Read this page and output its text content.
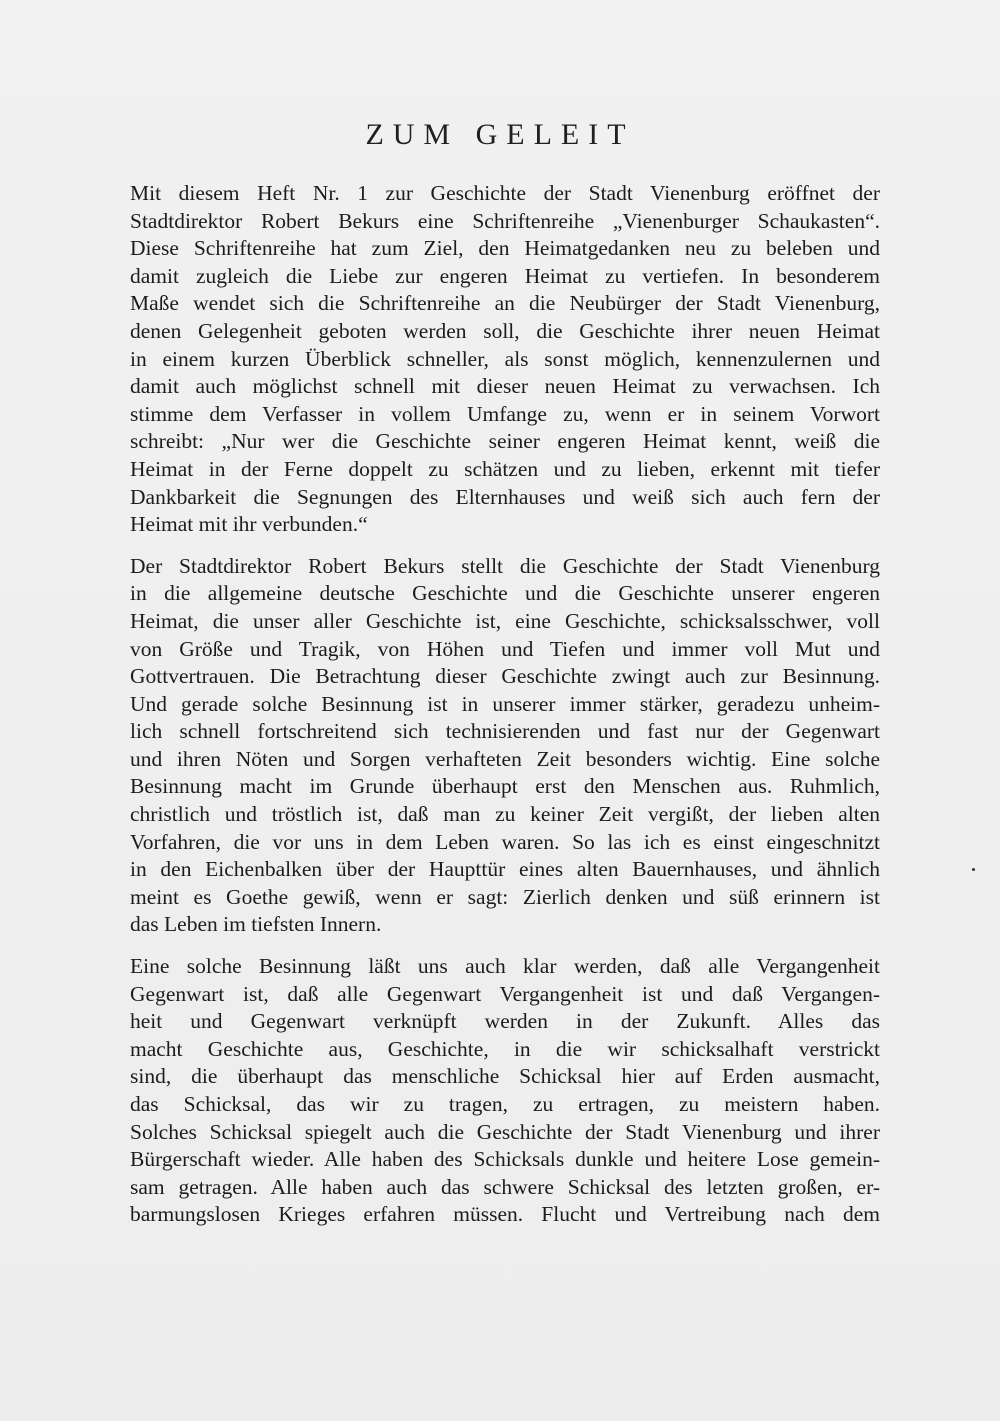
ZUM GELEIT

Mit diesem Heft Nr. 1 zur Geschichte der Stadt Vienenburg eröffnet der
Stadtdirektor Robert Bekurs eine Schriftenreihe „Vienenburger Schaukasten“.
Diese Schriftenreihe hat zum Ziel, den Heimatgedanken neu zu beleben und
damit zugleich die Liebe zur engeren Heimat zu vertiefen. In besonderem
Maße wendet sich die Schriftenreihe an die Neubürger der Stadt Vienenburg,
denen Gelegenheit geboten werden soll, die Geschichte ihrer neuen Heimat
in einem kurzen Überblick schneller, als sonst möglich, kennenzulernen und
damit auch möglichst schnell mit dieser neuen Heimat zu verwachsen. Ich
stimme dem Verfasser in vollem Umfange zu, wenn er in seinem Vorwort
schreibt: „Nur wer die Geschichte seiner engeren Heimat kennt, weiß die
Heimat in der Ferne doppelt zu schätzen und zu lieben, erkennt mit tiefer
Dankbarkeit die Segnungen des Elternhauses und weiß sich auch fern der
Heimat mit ihr verbunden.“

Der Stadtdirektor Robert Bekurs stellt die Geschichte der Stadt Vienenburg
in die allgemeine deutsche Geschichte und die Geschichte unserer engeren
Heimat, die unser aller Geschichte ist, eine Geschichte, schicksalsschwer, voll
von Größe und Tragik, von Höhen und Tiefen und immer voll Mut und
Gottvertrauen. Die Betrachtung dieser Geschichte zwingt auch zur Besinnung.
Und gerade solche Besinnung ist in unserer immer stärker, geradezu unheim-
lich schnell fortschreitend sich technisierenden und fast nur der Gegenwart
und ihren Nöten und Sorgen verhafteten Zeit besonders wichtig. Eine solche
Besinnung macht im Grunde überhaupt erst den Menschen aus. Ruhmlich,
christlich und tröstlich ist, daß man zu keiner Zeit vergißt, der lieben alten
Vorfahren, die vor uns in dem Leben waren. So las ich es einst eingeschnitzt
in den Eichenbalken über der Haupttür eines alten Bauernhauses, und ähnlich
meint es Goethe gewiß, wenn er sagt: Zierlich denken und süß erinnern ist
das Leben im tiefsten Innern.

Eine solche Besinnung läßt uns auch klar werden, daß alle Vergangenheit
Gegenwart ist, daß alle Gegenwart Vergangenheit ist und daß Vergangen-
heit und Gegenwart verknüpft werden in der Zukunft. Alles das
macht Geschichte aus, Geschichte, in die wir schicksalhaft verstrickt
sind, die überhaupt das menschliche Schicksal hier auf Erden ausmacht,
das Schicksal, das wir zu tragen, zu ertragen, zu meistern haben.
Solches Schicksal spiegelt auch die Geschichte der Stadt Vienenburg und ihrer
Bürgerschaft wieder. Alle haben des Schicksals dunkle und heitere Lose gemein-
sam getragen. Alle haben auch das schwere Schicksal des letzten großen, er-
barmungslosen Krieges erfahren müssen. Flucht und Vertreibung nach dem
